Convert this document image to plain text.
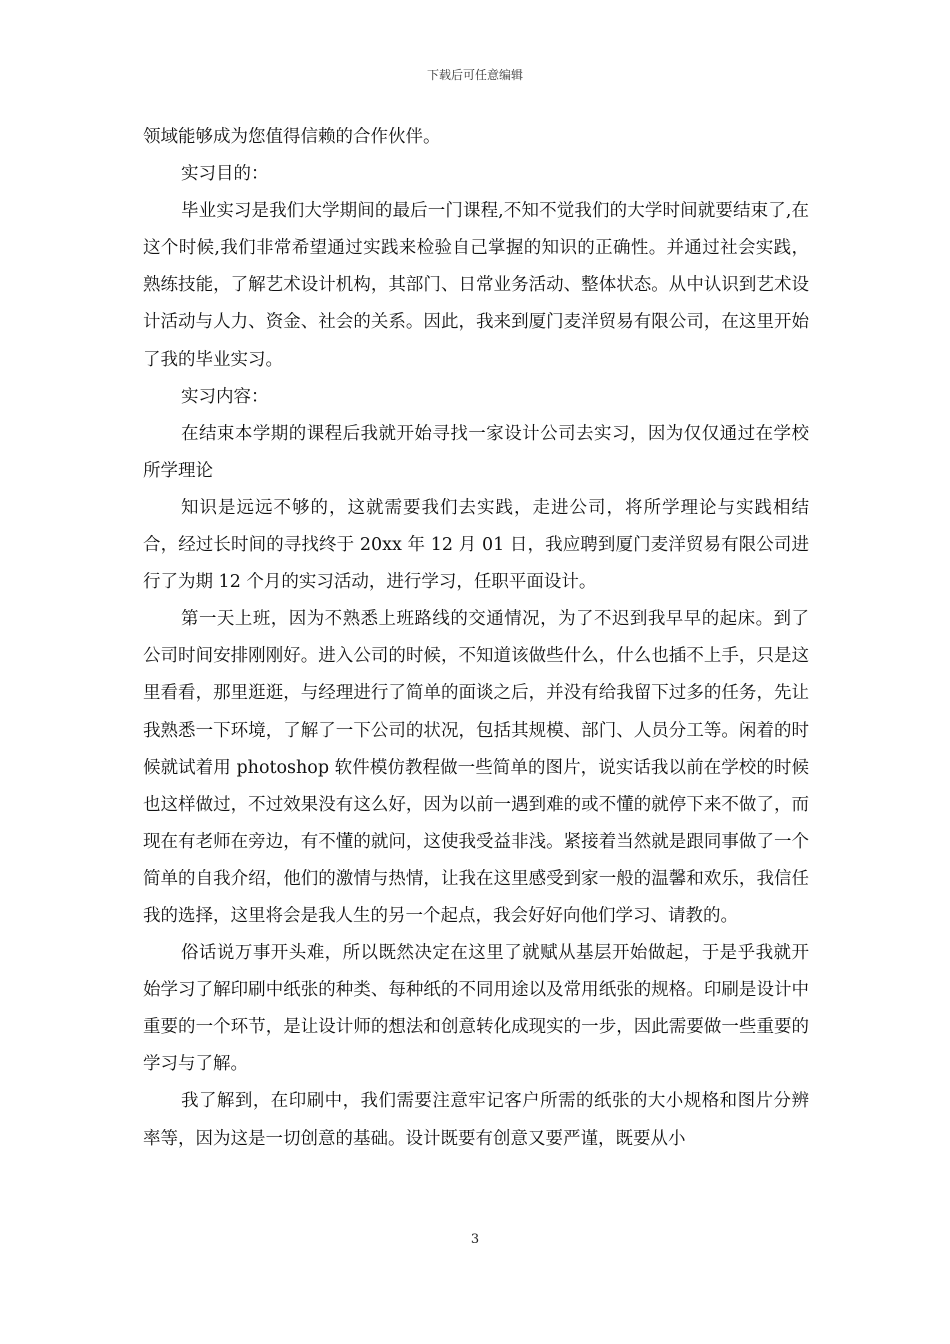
下载后可任意编辑

领域能够成为您值得信赖的合作伙伴。

实习目的：

毕业实习是我们大学期间的最后一门课程,不知不觉我们的大学时间就要结束了,在这个时候,我们非常希望通过实践来检验自己掌握的知识的正确性。并通过社会实践，熟练技能，了解艺术设计机构，其部门、日常业务活动、整体状态。从中认识到艺术设计活动与人力、资金、社会的关系。因此，我来到厦门麦洋贸易有限公司，在这里开始了我的毕业实习。

实习内容：

在结束本学期的课程后我就开始寻找一家设计公司去实习，因为仅仅通过在学校所学理论

知识是远远不够的，这就需要我们去实践，走进公司，将所学理论与实践相结合，经过长时间的寻找终于 20xx 年 12 月 01 日，我应聘到厦门麦洋贸易有限公司进行了为期 12 个月的实习活动，进行学习，任职平面设计。

第一天上班，因为不熟悉上班路线的交通情况，为了不迟到我早早的起床。到了公司时间安排刚刚好。进入公司的时候，不知道该做些什么，什么也插不上手，只是这里看看，那里逛逛，与经理进行了简单的面谈之后，并没有给我留下过多的任务，先让我熟悉一下环境，了解了一下公司的状况，包括其规模、部门、人员分工等。闲着的时候就试着用 photoshop 软件模仿教程做一些简单的图片，说实话我以前在学校的时候也这样做过，不过效果没有这么好，因为以前一遇到难的或不懂的就停下来不做了，而现在有老师在旁边，有不懂的就问，这使我受益非浅。紧接着当然就是跟同事做了一个简单的自我介绍，他们的激情与热情，让我在这里感受到家一般的温馨和欢乐，我信任我的选择，这里将会是我人生的另一个起点，我会好好向他们学习、请教的。

俗话说万事开头难，所以既然决定在这里了就赋从基层开始做起，于是乎我就开始学习了解印刷中纸张的种类、每种纸的不同用途以及常用纸张的规格。印刷是设计中重要的一个环节，是让设计师的想法和创意转化成现实的一步，因此需要做一些重要的学习与了解。

我了解到，在印刷中，我们需要注意牢记客户所需的纸张的大小规格和图片分辨率等，因为这是一切创意的基础。设计既要有创意又要严谨，既要从小

3
